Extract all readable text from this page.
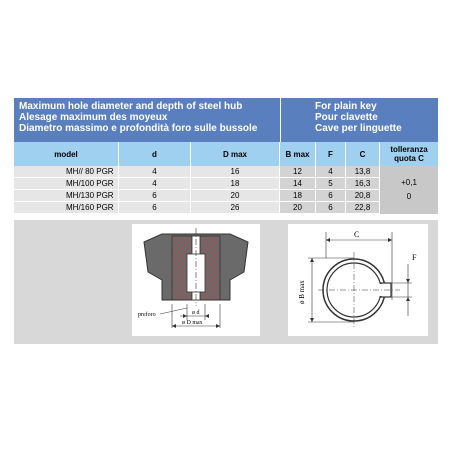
Maximum hole diameter and depth of steel hub
Alesage maximum des moyeux
Diametro massimo e profondità foro sulle bussole
For plain key
Pour clavette
Cave per linguette
model	d	D max	B max	F	C	tolleranza
quota C
MH// 80 PGR	4	16	12	4	13,8
MH/100 PGR	4	18	14	5	16,3
MH/130 PGR	6	20	18	6	20,8
MH/160 PGR	6	26	20	6	22,8
+0,1
0
preforo	ø d
ø D max
C
ø B max
F
